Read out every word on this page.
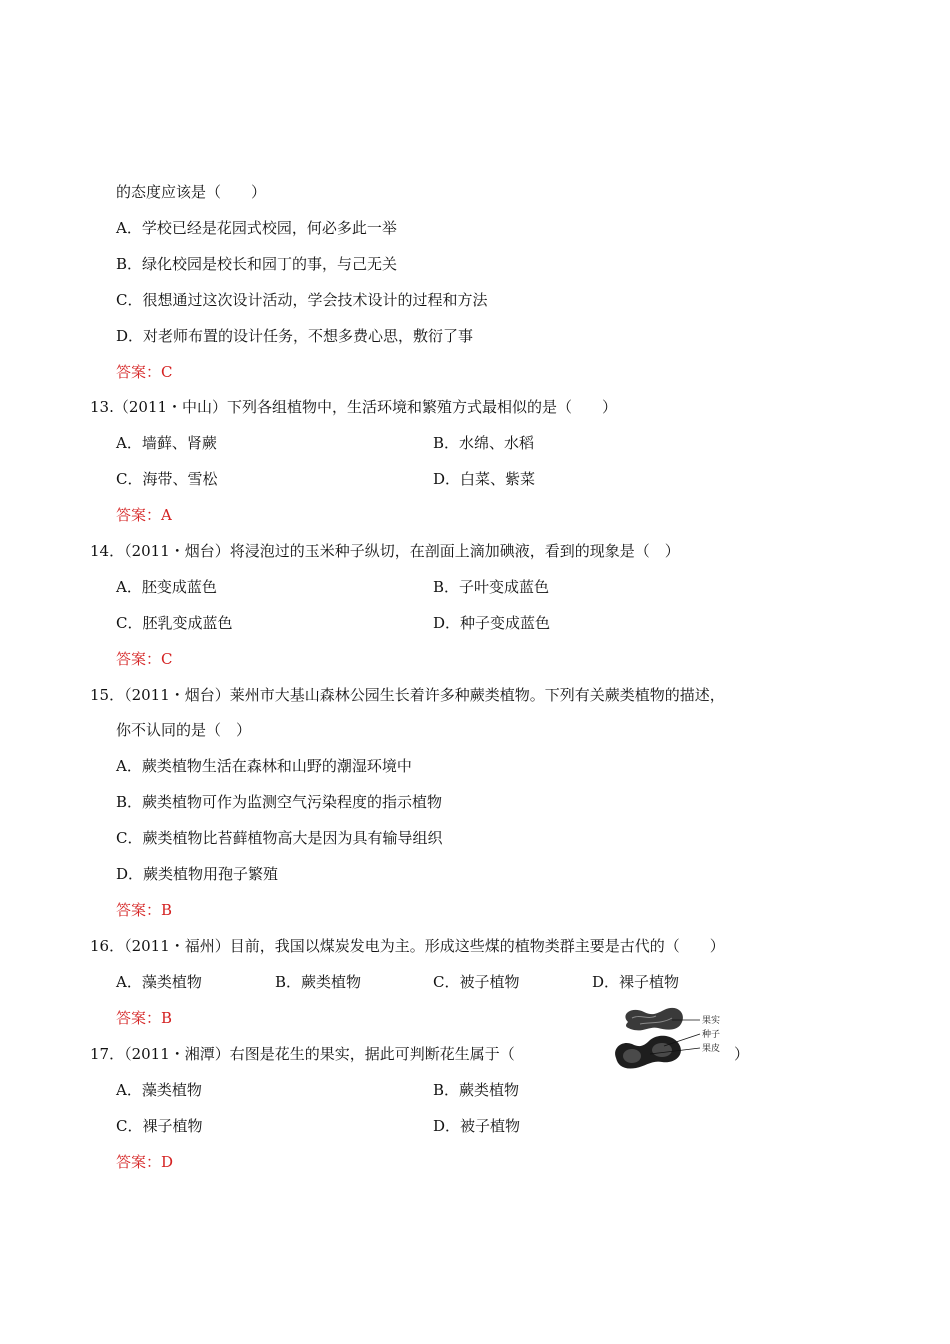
的态度应该是（　　）
A．学校已经是花园式校园，何必多此一举
B．绿化校园是校长和园丁的事，与己无关
C．很想通过这次设计活动，学会技术设计的过程和方法
D．对老师布置的设计任务，不想多费心思，敷衍了事
答案：C
13.（2011・中山）下列各组植物中，生活环境和繁殖方式最相似的是（　　）
A．墙藓、肾蕨	B．水绵、水稻
C．海带、雪松	D．白菜、紫菜
答案：A
14．（2011・烟台）将浸泡过的玉米种子纵切，在剖面上滴加碘液，看到的现象是（　）
A．胚变成蓝色	B．子叶变成蓝色
C．胚乳变成蓝色	D．种子变成蓝色
答案：C
15．（2011・烟台）莱州市大基山森林公园生长着许多种蕨类植物。下列有关蕨类植物的描述，
你不认同的是（　）
A．蕨类植物生活在森林和山野的潮湿环境中
B．蕨类植物可作为监测空气污染程度的指示植物
C．蕨类植物比苔藓植物高大是因为具有输导组织
D．蕨类植物用孢子繁殖
答案：B
16．（2011・福州）目前，我国以煤炭发电为主。形成这些煤的植物类群主要是古代的（　　）
A．藻类植物	B．蕨类植物	C．被子植物	D．裸子植物
答案：B
17．（2011・湘潭）右图是花生的果实，据此可判断花生属于（	）
果实
种子
果皮
A．藻类植物	B．蕨类植物
C．裸子植物	D．被子植物
答案：D
